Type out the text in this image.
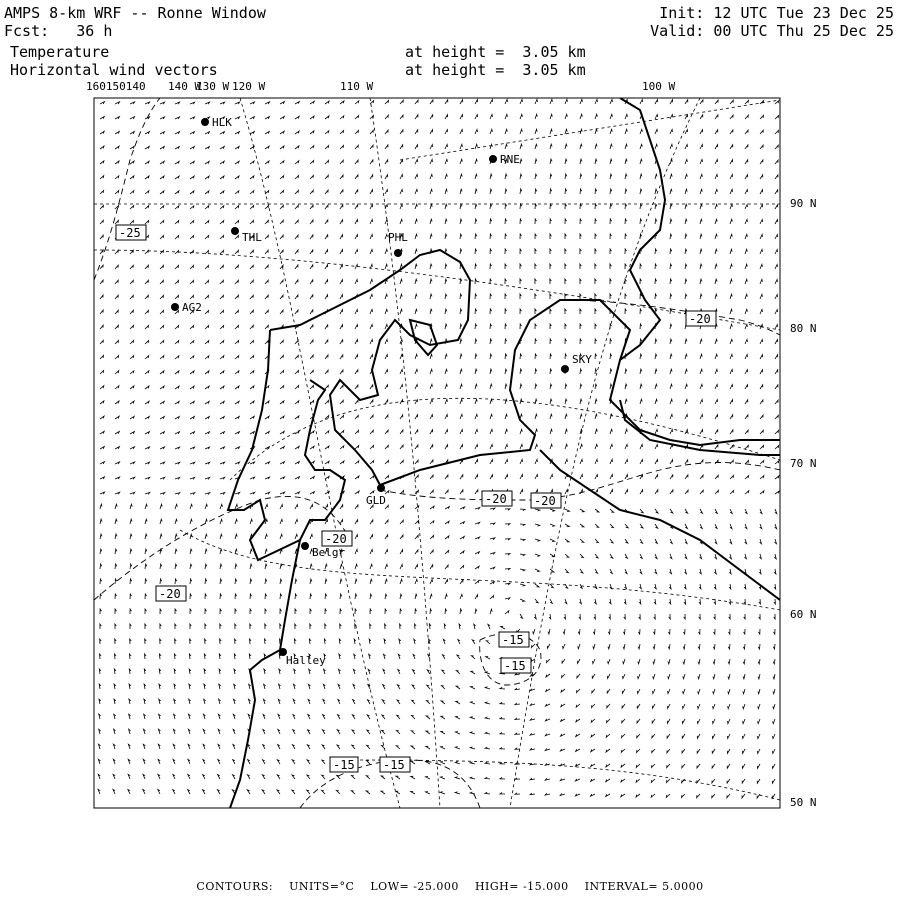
AMPS 8-km WRF -- Ronne Window
Fcst:   36 h
Temperature
Horizontal wind vectors
Init: 12 UTC Tue 23 Dec 25
Valid: 00 UTC Thu 25 Dec 25
at height =  3.05 km
at height =  3.05 km
160150140 140 W
130 W 120 W	110 W	100 W
90 N
80 N
70 N
60 N
50 N
HLK
RNE
THL	PHL
AG2
SKY
GLD
Belgr
Halley
-25
-20
-20 -20
-20
-20
-15
-15
-15 -15
CONTOURS: UNITS=°C LOW= -25.000 HIGH= -15.000 INTERVAL= 5.0000
